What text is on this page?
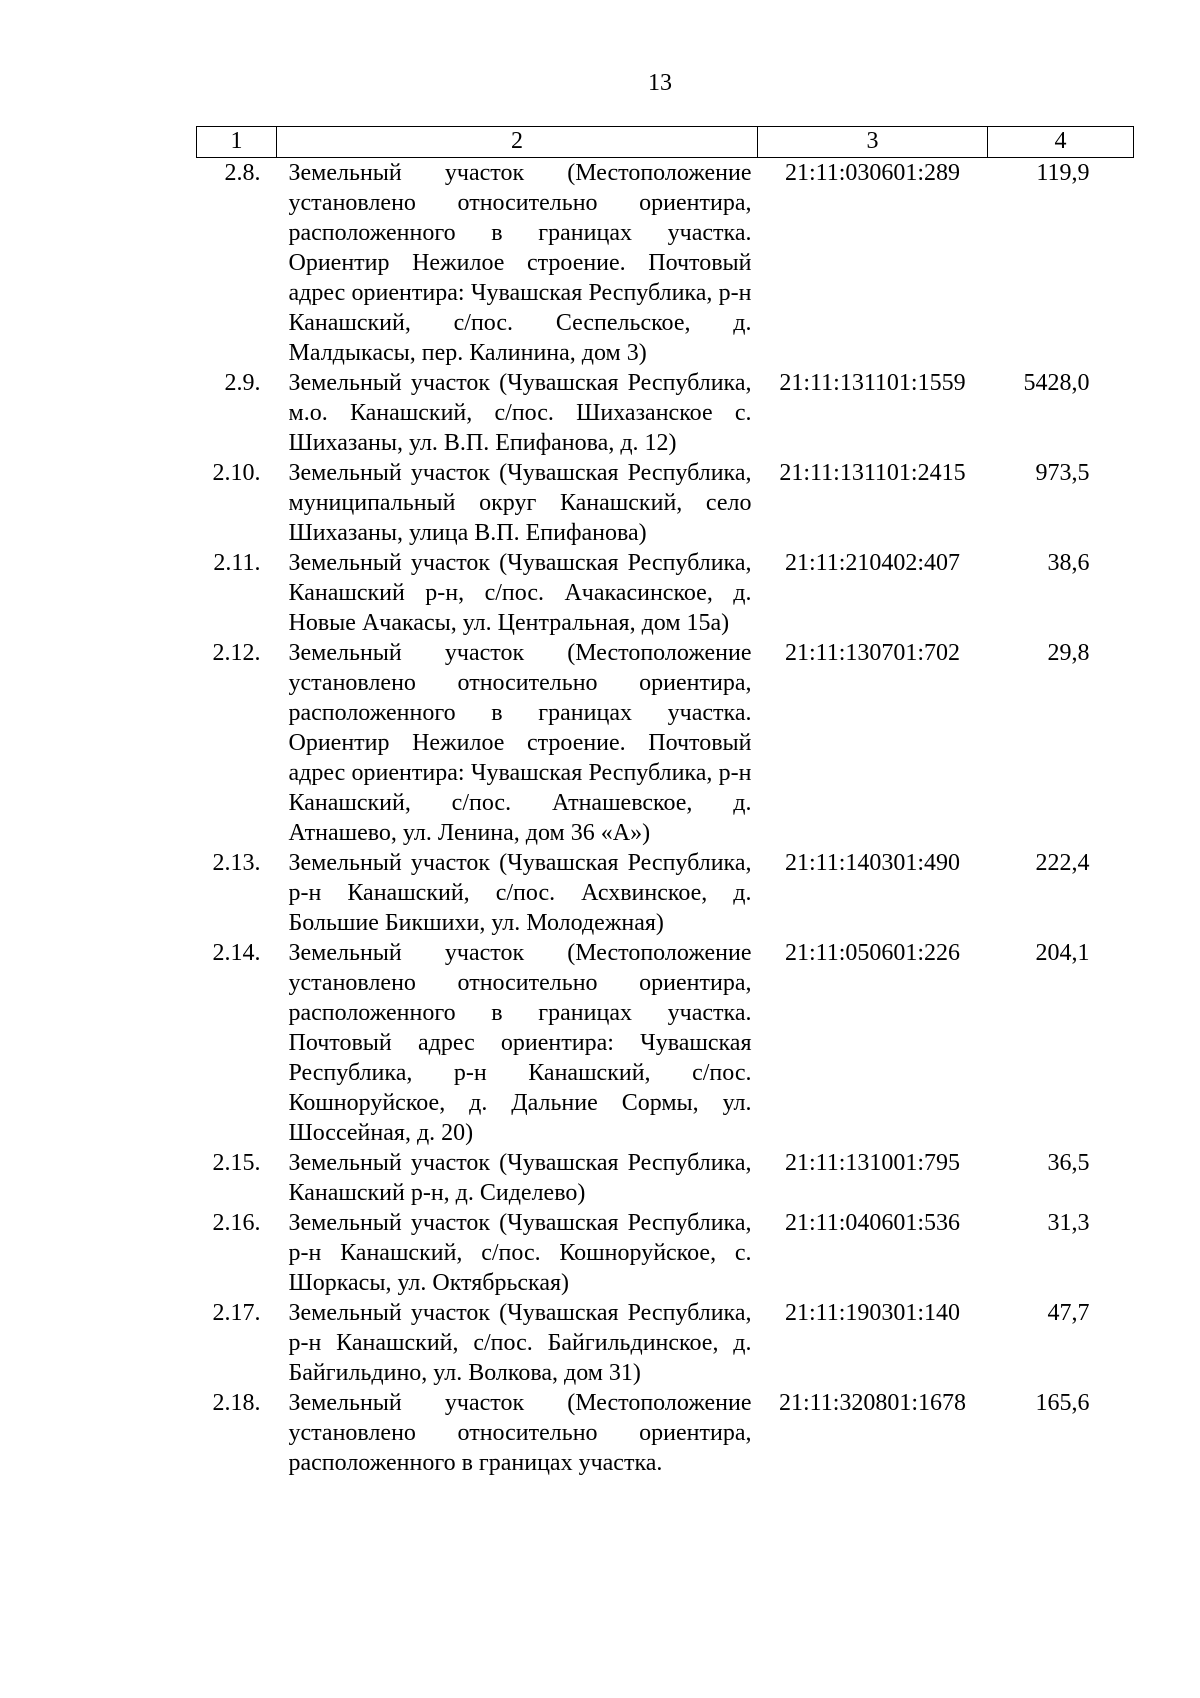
13
1	2	3	4
2.8.	Земельный участок (Местоположение установлено относительно ориентира, расположенного в границах участка. Ориентир Нежилое строение. Почтовый адрес ориентира: Чувашская Республика, р-н Канашский, с/пос. Сеспельское, д. Малдыкасы, пер. Калинина, дом 3)	21:11:030601:289	119,9
2.9.	Земельный участок (Чувашская Республика, м.о. Канашский, с/пос. Шихазанское с. Шихазаны, ул. В.П. Епифанова, д. 12)	21:11:131101:1559	5428,0
2.10.	Земельный участок (Чувашская Республика, муниципальный округ Канашский, село Шихазаны, улица В.П. Епифанова)	21:11:131101:2415	973,5
2.11.	Земельный участок (Чувашская Республика, Канашский р-н, с/пос. Ачакасинское, д. Новые Ачакасы, ул. Центральная, дом 15а)	21:11:210402:407	38,6
2.12.	Земельный участок (Местоположение установлено относительно ориентира, расположенного в границах участка. Ориентир Нежилое строение. Почтовый адрес ориентира: Чувашская Республика, р-н Канашский, с/пос. Атнашевское, д. Атнашево, ул. Ленина, дом 36 «А»)	21:11:130701:702	29,8
2.13.	Земельный участок (Чувашская Республика, р-н Канашский, с/пос. Асхвинское, д. Большие Бикшихи, ул. Молодежная)	21:11:140301:490	222,4
2.14.	Земельный участок (Местоположение установлено относительно ориентира, расположенного в границах участка. Почтовый адрес ориентира: Чувашская Республика, р-н Канашский, с/пос. Кошноруйское, д. Дальние Сормы, ул. Шоссейная, д. 20)	21:11:050601:226	204,1
2.15.	Земельный участок (Чувашская Республика, Канашский р-н, д. Сиделево)	21:11:131001:795	36,5
2.16.	Земельный участок (Чувашская Республика, р-н Канашский, с/пос. Кошноруйское, с. Шоркасы, ул. Октябрьская)	21:11:040601:536	31,3
2.17.	Земельный участок (Чувашская Республика, р-н Канашский, с/пос. Байгильдинское, д. Байгильдино, ул. Волкова, дом 31)	21:11:190301:140	47,7
2.18.	Земельный участок (Местоположение установлено относительно ориентира, расположенного в границах участка.	21:11:320801:1678	165,6
